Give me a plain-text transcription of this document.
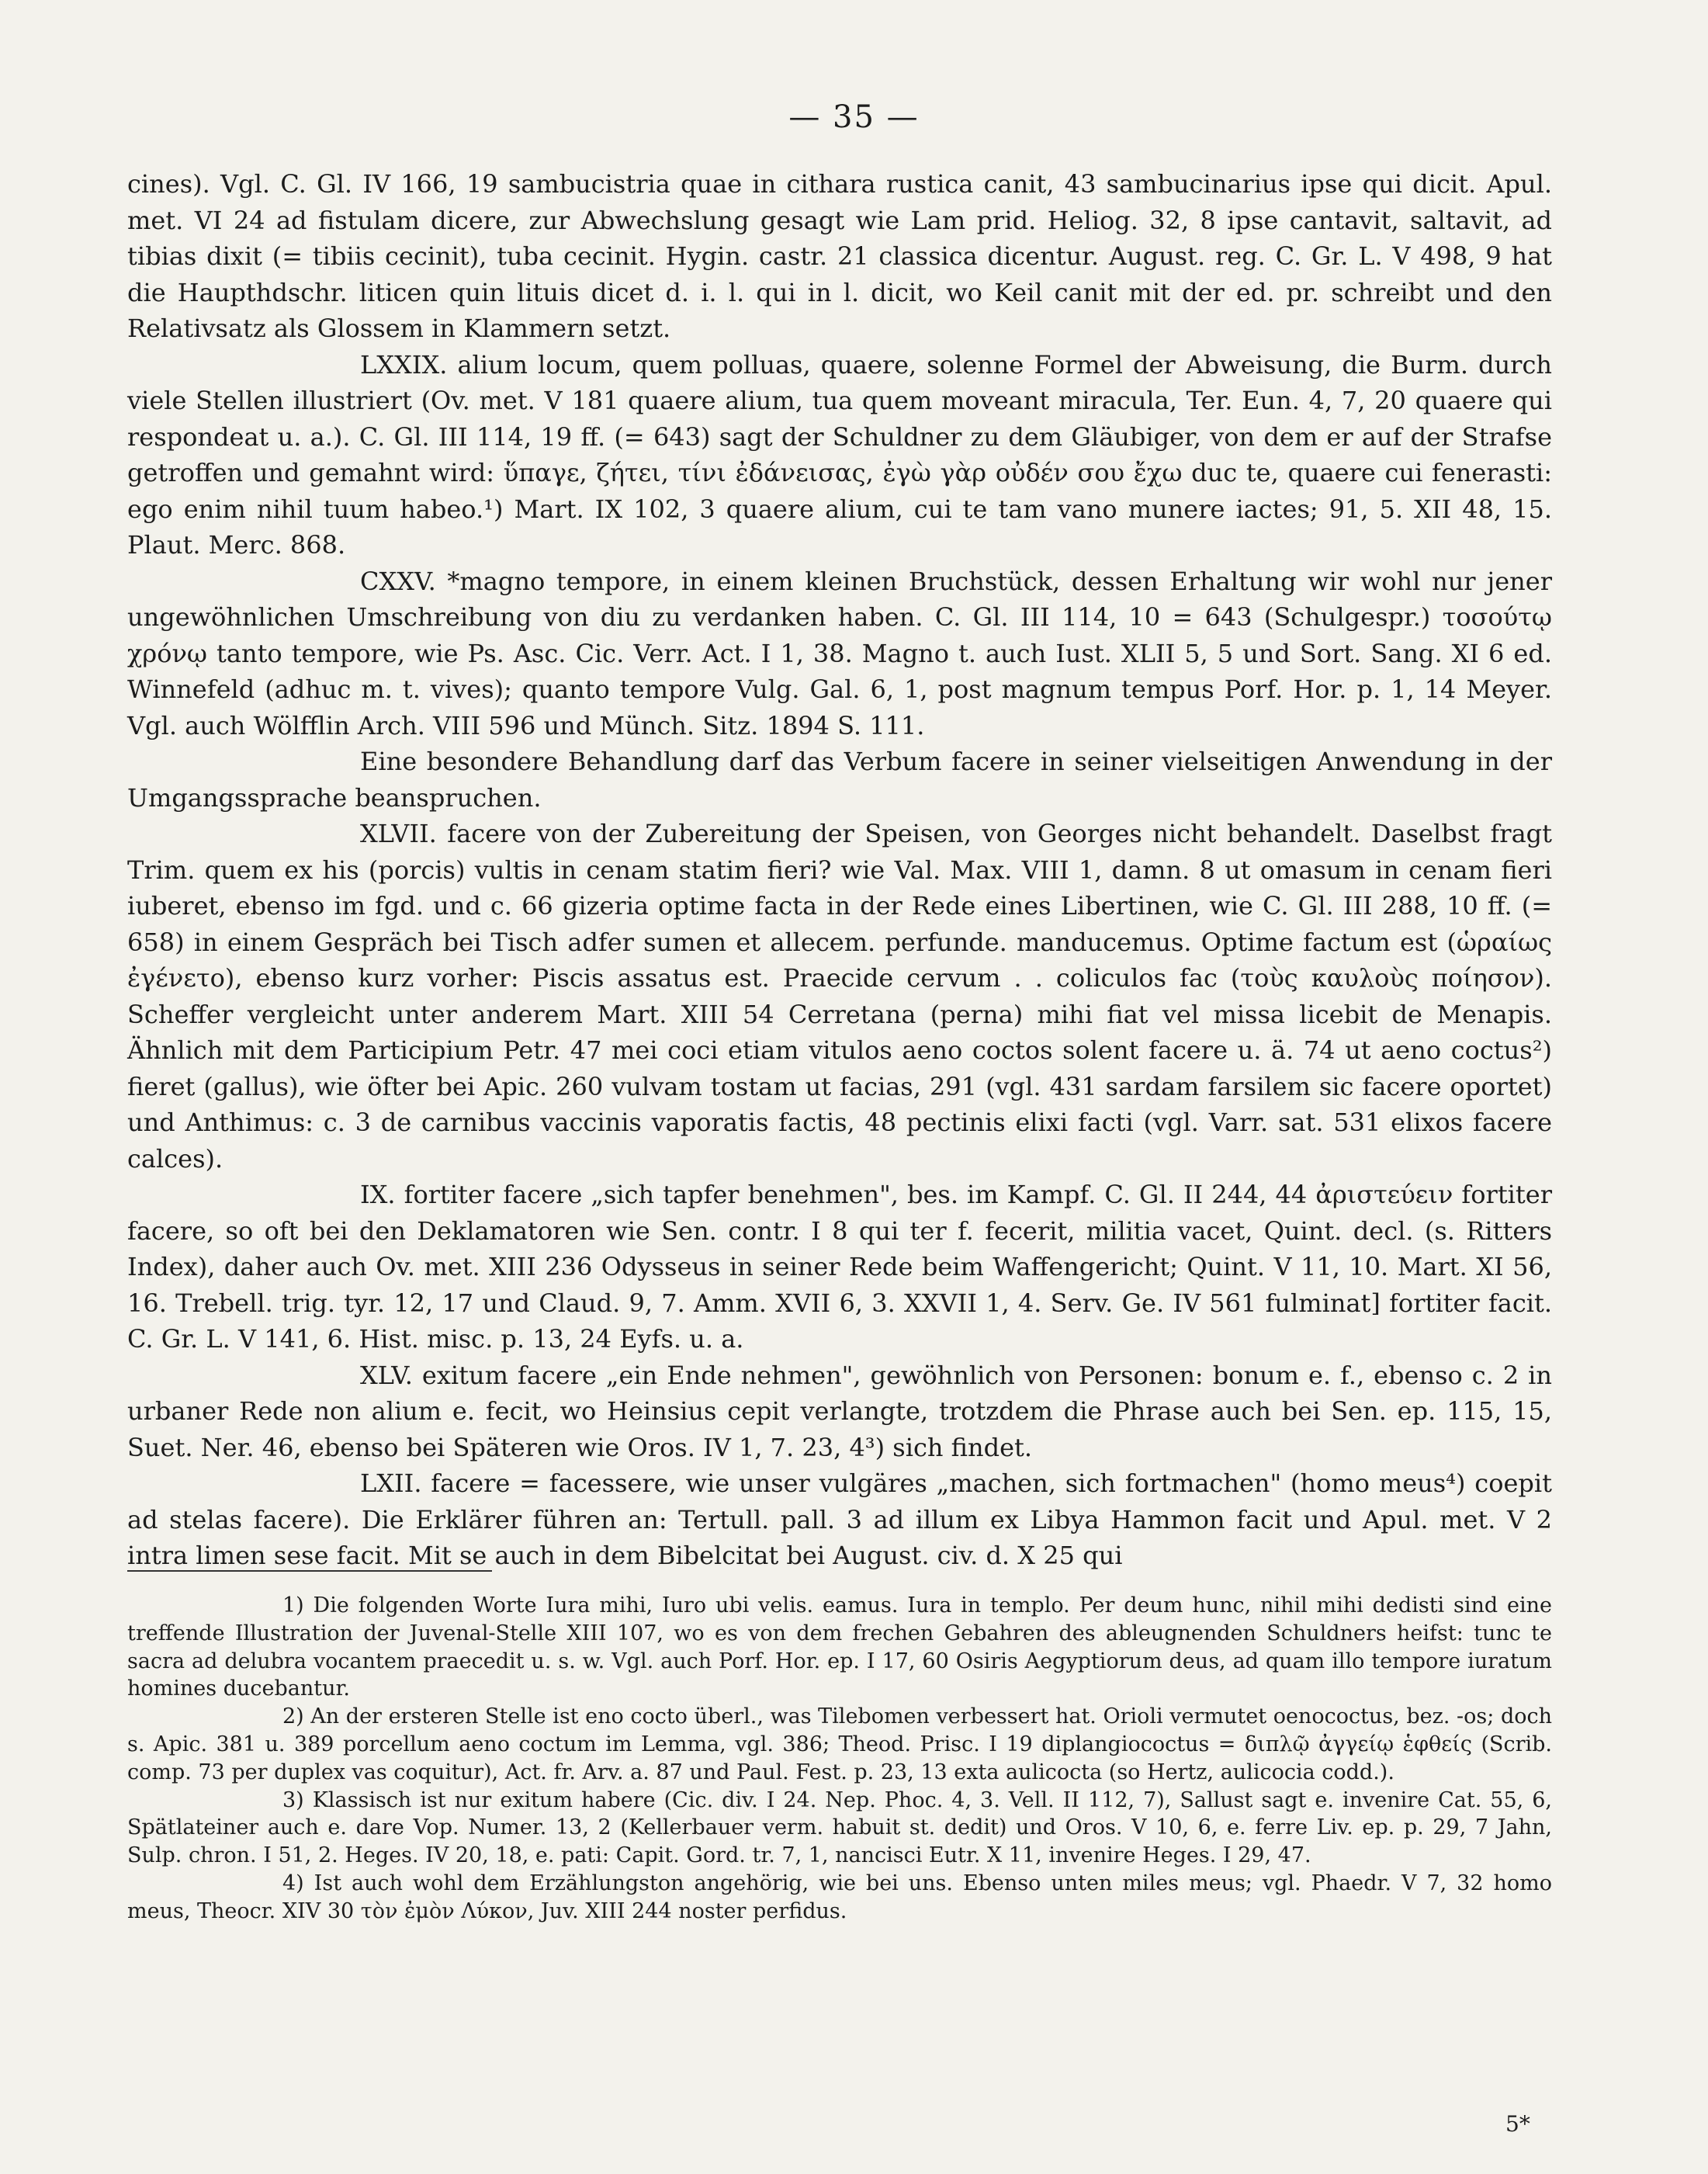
— 35 —

cines). Vgl. C. Gl. IV 166, 19 sambucistria quae in cithara rustica canit, 43 sambucinarius ipse qui dicit. Apul. met. VI 24 ad fistulam dicere, zur Abwechslung gesagt wie Lam prid. Heliog. 32, 8 ipse cantavit, saltavit, ad tibias dixit (= tibiis cecinit), tuba cecinit. Hygin. castr. 21 classica dicentur. August. reg. C. Gr. L. V 498, 9 hat die Haupthdschr. liticen quin lituis dicet d. i. l. qui in l. dicit, wo Keil canit mit der ed. pr. schreibt und den Relativsatz als Glossem in Klammern setzt.

LXXIX. alium locum, quem polluas, quaere, solenne Formel der Abweisung, die Burm. durch viele Stellen illustriert (Ov. met. V 181 quaere alium, tua quem moveant miracula, Ter. Eun. 4, 7, 20 quaere qui respondeat u. a.). C. Gl. III 114, 19 ff. (= 643) sagt der Schuldner zu dem Gläubiger, von dem er auf der Strafse getroffen und gemahnt wird: ὕπαγε, ζήτει, τίνι ἐδάνεισας, ἐγὼ γὰρ οὐδέν σου ἔχω duc te, quaere cui fenerasti: ego enim nihil tuum habeo.¹) Mart. IX 102, 3 quaere alium, cui te tam vano munere iactes; 91, 5. XII 48, 15. Plaut. Merc. 868.

CXXV. *magno tempore, in einem kleinen Bruchstück, dessen Erhaltung wir wohl nur jener ungewöhnlichen Umschreibung von diu zu verdanken haben. C. Gl. III 114, 10 = 643 (Schulgespr.) τοσούτῳ χρόνῳ tanto tempore, wie Ps. Asc. Cic. Verr. Act. I 1, 38. Magno t. auch Iust. XLII 5, 5 und Sort. Sang. XI 6 ed. Winnefeld (adhuc m. t. vives); quanto tempore Vulg. Gal. 6, 1, post magnum tempus Porf. Hor. p. 1, 14 Meyer. Vgl. auch Wölfflin Arch. VIII 596 und Münch. Sitz. 1894 S. 111.

Eine besondere Behandlung darf das Verbum facere in seiner vielseitigen Anwendung in der Umgangssprache beanspruchen.

XLVII. facere von der Zubereitung der Speisen, von Georges nicht behandelt. Daselbst fragt Trim. quem ex his (porcis) vultis in cenam statim fieri? wie Val. Max. VIII 1, damn. 8 ut omasum in cenam fieri iuberet, ebenso im fgd. und c. 66 gizeria optime facta in der Rede eines Libertinen, wie C. Gl. III 288, 10 ff. (= 658) in einem Gespräch bei Tisch adfer sumen et allecem. perfunde. manducemus. Optime factum est (ὡραίως ἐγένετο), ebenso kurz vorher: Piscis assatus est. Praecide cervum . . coliculos fac (τοὺς καυλοὺς ποίησον). Scheffer vergleicht unter anderem Mart. XIII 54 Cerretana (perna) mihi fiat vel missa licebit de Menapis. Ähnlich mit dem Participium Petr. 47 mei coci etiam vitulos aeno coctos solent facere u. ä. 74 ut aeno coctus²) fieret (gallus), wie öfter bei Apic. 260 vulvam tostam ut facias, 291 (vgl. 431 sardam farsilem sic facere oportet) und Anthimus: c. 3 de carnibus vaccinis vaporatis factis, 48 pectinis elixi facti (vgl. Varr. sat. 531 elixos facere calces).

IX. fortiter facere „sich tapfer benehmen", bes. im Kampf. C. Gl. II 244, 44 ἀριστεύειν fortiter facere, so oft bei den Deklamatoren wie Sen. contr. I 8 qui ter f. fecerit, militia vacet, Quint. decl. (s. Ritters Index), daher auch Ov. met. XIII 236 Odysseus in seiner Rede beim Waffengericht; Quint. V 11, 10. Mart. XI 56, 16. Trebell. trig. tyr. 12, 17 und Claud. 9, 7. Amm. XVII 6, 3. XXVII 1, 4. Serv. Ge. IV 561 fulminat] fortiter facit. C. Gr. L. V 141, 6. Hist. misc. p. 13, 24 Eyfs. u. a.

XLV. exitum facere „ein Ende nehmen", gewöhnlich von Personen: bonum e. f., ebenso c. 2 in urbaner Rede non alium e. fecit, wo Heinsius cepit verlangte, trotzdem die Phrase auch bei Sen. ep. 115, 15, Suet. Ner. 46, ebenso bei Späteren wie Oros. IV 1, 7. 23, 4³) sich findet.

LXII. facere = facessere, wie unser vulgäres „machen, sich fortmachen" (homo meus⁴) coepit ad stelas facere). Die Erklärer führen an: Tertull. pall. 3 ad illum ex Libya Hammon facit und Apul. met. V 2 intra limen sese facit. Mit se auch in dem Bibelcitat bei August. civ. d. X 25 qui

1) Die folgenden Worte Iura mihi, Iuro ubi velis. eamus. Iura in templo. Per deum hunc, nihil mihi dedisti sind eine treffende Illustration der Juvenal-Stelle XIII 107, wo es von dem frechen Gebahren des ableugnenden Schuldners heifst: tunc te sacra ad delubra vocantem praecedit u. s. w. Vgl. auch Porf. Hor. ep. I 17, 60 Osiris Aegyptiorum deus, ad quam illo tempore iuratum homines ducebantur.

2) An der ersteren Stelle ist eno cocto überl., was Tilebomen verbessert hat. Orioli vermutet oenococtus, bez. -os; doch s. Apic. 381 u. 389 porcellum aeno coctum im Lemma, vgl. 386; Theod. Prisc. I 19 diplangiococtus = διπλῷ ἀγγείῳ ἑφθείς (Scrib. comp. 73 per duplex vas coquitur), Act. fr. Arv. a. 87 und Paul. Fest. p. 23, 13 exta aulicocta (so Hertz, aulicocia codd.).

3) Klassisch ist nur exitum habere (Cic. div. I 24. Nep. Phoc. 4, 3. Vell. II 112, 7), Sallust sagt e. invenire Cat. 55, 6, Spätlateiner auch e. dare Vop. Numer. 13, 2 (Kellerbauer verm. habuit st. dedit) und Oros. V 10, 6, e. ferre Liv. ep. p. 29, 7 Jahn, Sulp. chron. I 51, 2. Heges. IV 20, 18, e. pati: Capit. Gord. tr. 7, 1, nancisci Eutr. X 11, invenire Heges. I 29, 47.

4) Ist auch wohl dem Erzählungston angehörig, wie bei uns. Ebenso unten miles meus; vgl. Phaedr. V 7, 32 homo meus, Theocr. XIV 30 τὸν ἐμὸν Λύκον, Juv. XIII 244 noster perfidus.

5*
